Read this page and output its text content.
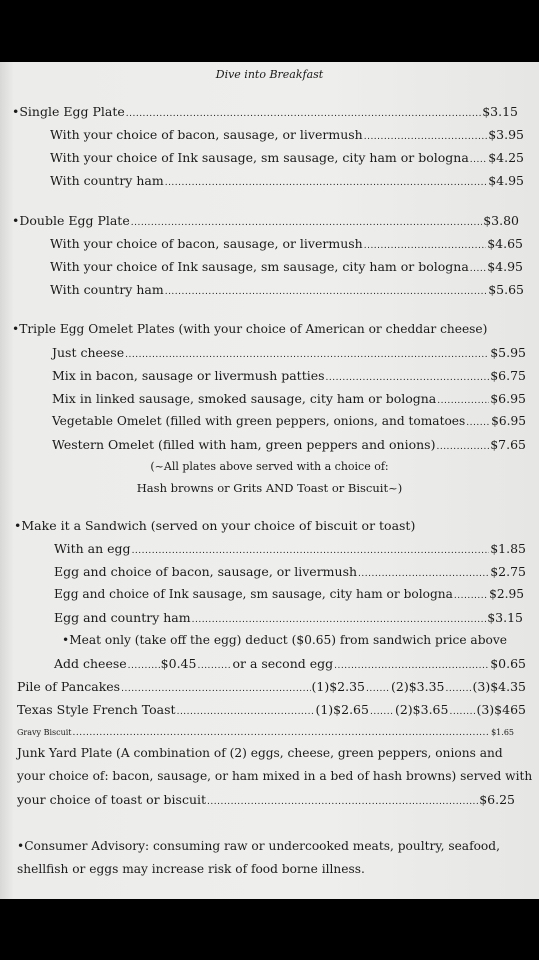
Dive into Breakfast
•Single Egg Plate .....	$3.15
With your choice of bacon, sausage, or livermush .....	$3.95
With your choice of Ink sausage, sm sausage, city ham or bologna ..... $4.25
With country ham .....	$4.95
•Double Egg Plate .....	$3.80
With your choice of bacon, sausage, or livermush .....	$4.65
With your choice of Ink sausage, sm sausage, city ham or bologna ..... $4.95
With country ham .....	$5.65
•Triple Egg Omelet Plates (with your choice of American or cheddar cheese)
Just cheese .....	$5.95
Mix in bacon, sausage or livermush patties .....	$6.75
Mix in linked sausage, smoked sausage, city ham or bologna .....	$6.95
Vegetable Omelet (filled with green peppers, onions, and tomatoes ..... $6.95
Western Omelet (filled with ham, green peppers and onions) .....	$7.65
(~All plates above served with a choice of:
Hash browns or Grits AND Toast or Biscuit~)
•Make it a Sandwich (served on your choice of biscuit or toast)
With an egg .....	$1.85
Egg and choice of bacon, sausage, or livermush .....	$2.75
Egg and choice of Ink sausage, sm sausage, city ham or bologna .....	$2.95
Egg and country ham .....	$3.15
•Meat only (take off the egg) deduct ($0.65) from sandwich price above
Add cheese .....	$0.45 .....	or a second egg .....	$0.65
Pile of Pancakes .....	(1)$2.35 ..... (2)$3.35 ..... (3)$4.35
Texas Style French Toast .....	(1)$2.65 ..... (2)$3.65 ..... (3)$465
Gravy Biscuit .....	$1.65
Junk Yard Plate (A combination of (2) eggs, cheese, green peppers, onions and
your choice of: bacon, sausage, or ham mixed in a bed of hash browns) served with
your choice of toast or biscuit .....	$6.25
•Consumer Advisory: consuming raw or undercooked meats, poultry, seafood,
shellfish or eggs may increase risk of food borne illness.
